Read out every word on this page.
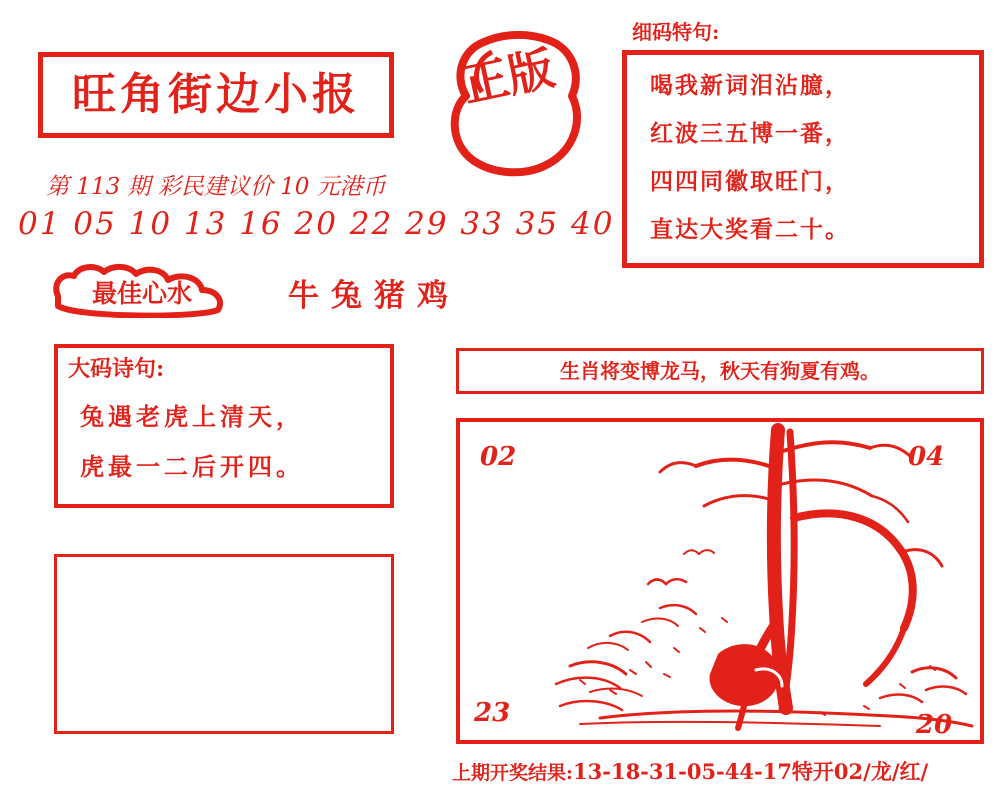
旺角街边小报	正版
第 113 期 彩民建议价 10 元港币
01 05 10 13 16 20 22 29 33 35 40
最佳心水	牛兔猪鸡
细码特句:
喝我新词泪沾臆，
红波三五博一番，
四四同徽取旺门，
直达大奖看二十。
大码诗句:
兔遇老虎上清天，
虎最一二后开四。
生肖将变博龙马，秋天有狗夏有鸡。
02	04
23	20
上期开奖结果:13-18-31-05-44-17特开02/龙/红/
